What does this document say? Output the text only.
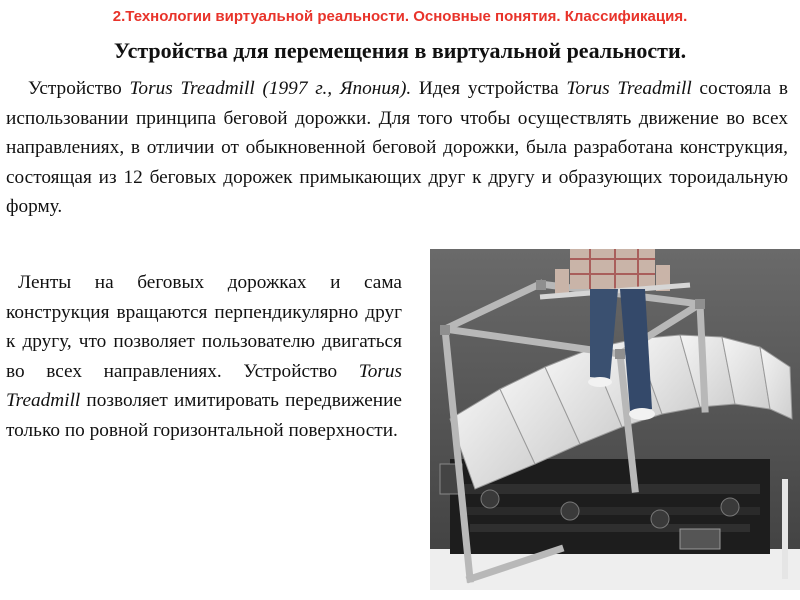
2.Технологии виртуальной реальности. Основные понятия. Классификация.
Устройства для перемещения в виртуальной реальности.

Устройство Torus Treadmill (1997 г., Япония). Идея устройства Torus Treadmill состояла в использовании принципа беговой дорожки. Для того чтобы осуществлять движение во всех направлениях, в отличии от обыкновенной беговой дорожки, была разработана конструкция, состоящая из 12 беговых дорожек примыкающих друг к другу и образующих тороидальную форму.

Ленты на беговых дорожках и сама конструкция вращаются перпендикулярно друг к другу, что позволяет пользователю двигаться во всех направлениях. Устройство Torus Treadmill позволяет имитировать передвижение только по ровной горизонтальной поверхности.
